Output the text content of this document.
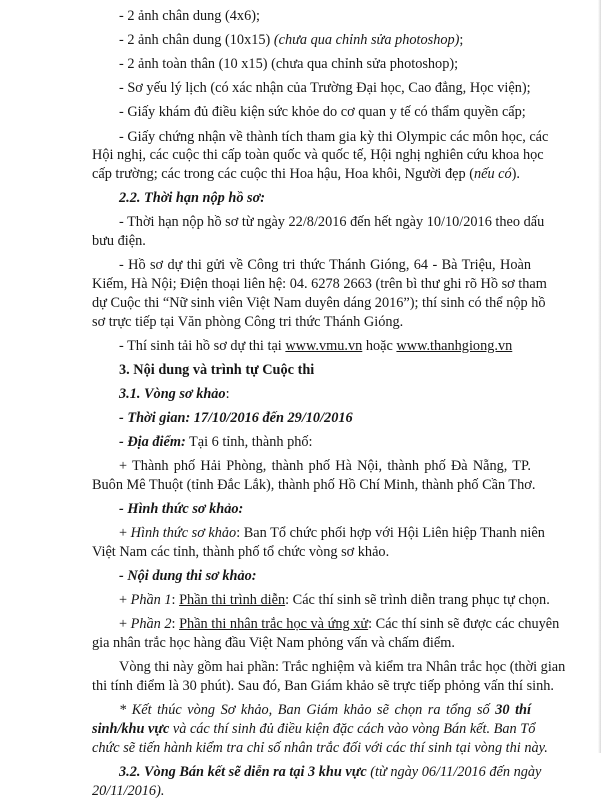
- 2 ảnh chân dung (4x6);
- 2 ảnh chân dung (10x15) (chưa qua chỉnh sửa photoshop);
- 2 ảnh toàn thân (10 x15) (chưa qua chỉnh sửa photoshop);
- Sơ yếu lý lịch (có xác nhận của Trường Đại học, Cao đẳng, Học viện);
- Giấy khám đủ điều kiện sức khỏe do cơ quan y tế có thẩm quyền cấp;
- Giấy chứng nhận về thành tích tham gia kỳ thi Olympic các môn học, các
Hội nghị, các cuộc thi cấp toàn quốc và quốc tế, Hội nghị nghiên cứu khoa học
cấp trường; các trong các cuộc thi Hoa hậu, Hoa khôi, Người đẹp (nếu có).
2.2. Thời hạn nộp hồ sơ:
- Thời hạn nộp hồ sơ từ ngày 22/8/2016 đến hết ngày 10/10/2016 theo dấu
bưu điện.
- Hồ sơ dự thi gửi về Công tri thức Thánh Gióng, 64 - Bà Triệu, Hoàn
Kiếm, Hà Nội; Điện thoại liên hệ: 04. 6278 2663 (trên bì thư ghi rõ Hồ sơ tham
dự Cuộc thi “Nữ sinh viên Việt Nam duyên dáng 2016”); thí sinh có thể nộp hồ
sơ trực tiếp tại Văn phòng Công tri thức Thánh Gióng.
- Thí sinh tải hồ sơ dự thi tại www.vmu.vn hoặc www.thanhgiong.vn
3. Nội dung và trình tự Cuộc thi
3.1. Vòng sơ khảo:
- Thời gian: 17/10/2016 đến 29/10/2016
- Địa điểm: Tại 6 tỉnh, thành phố:
+ Thành phố Hải Phòng, thành phố Hà Nội, thành phố Đà Nẵng, TP.
Buôn Mê Thuột (tỉnh Đắc Lắk), thành phố Hồ Chí Minh, thành phố Cần Thơ.
- Hình thức sơ khảo:
+ Hình thức sơ khảo: Ban Tổ chức phối hợp với Hội Liên hiệp Thanh niên
Việt Nam các tỉnh, thành phố tổ chức vòng sơ khảo.
- Nội dung thi sơ khảo:
+ Phần 1: Phần thi trình diễn: Các thí sinh sẽ trình diễn trang phục tự chọn.
+ Phần 2: Phần thi nhân trắc học và ứng xử: Các thí sinh sẽ được các chuyên
gia nhân trắc học hàng đầu Việt Nam phỏng vấn và chấm điểm.
Vòng thi này gồm hai phần: Trắc nghiệm và kiểm tra Nhân trắc học (thời gian
thi tính điểm là 30 phút). Sau đó, Ban Giám khảo sẽ trực tiếp phỏng vấn thí sinh.
* Kết thúc vòng Sơ khảo, Ban Giám khảo sẽ chọn ra tổng số 30 thí
sinh/khu vực và các thí sinh đủ điều kiện đặc cách vào vòng Bán kết. Ban Tổ
chức sẽ tiến hành kiểm tra chỉ số nhân trắc đối với các thí sinh tại vòng thi này.
3.2. Vòng Bán kết sẽ diễn ra tại 3 khu vực (từ ngày 06/11/2016 đến ngày
20/11/2016).
